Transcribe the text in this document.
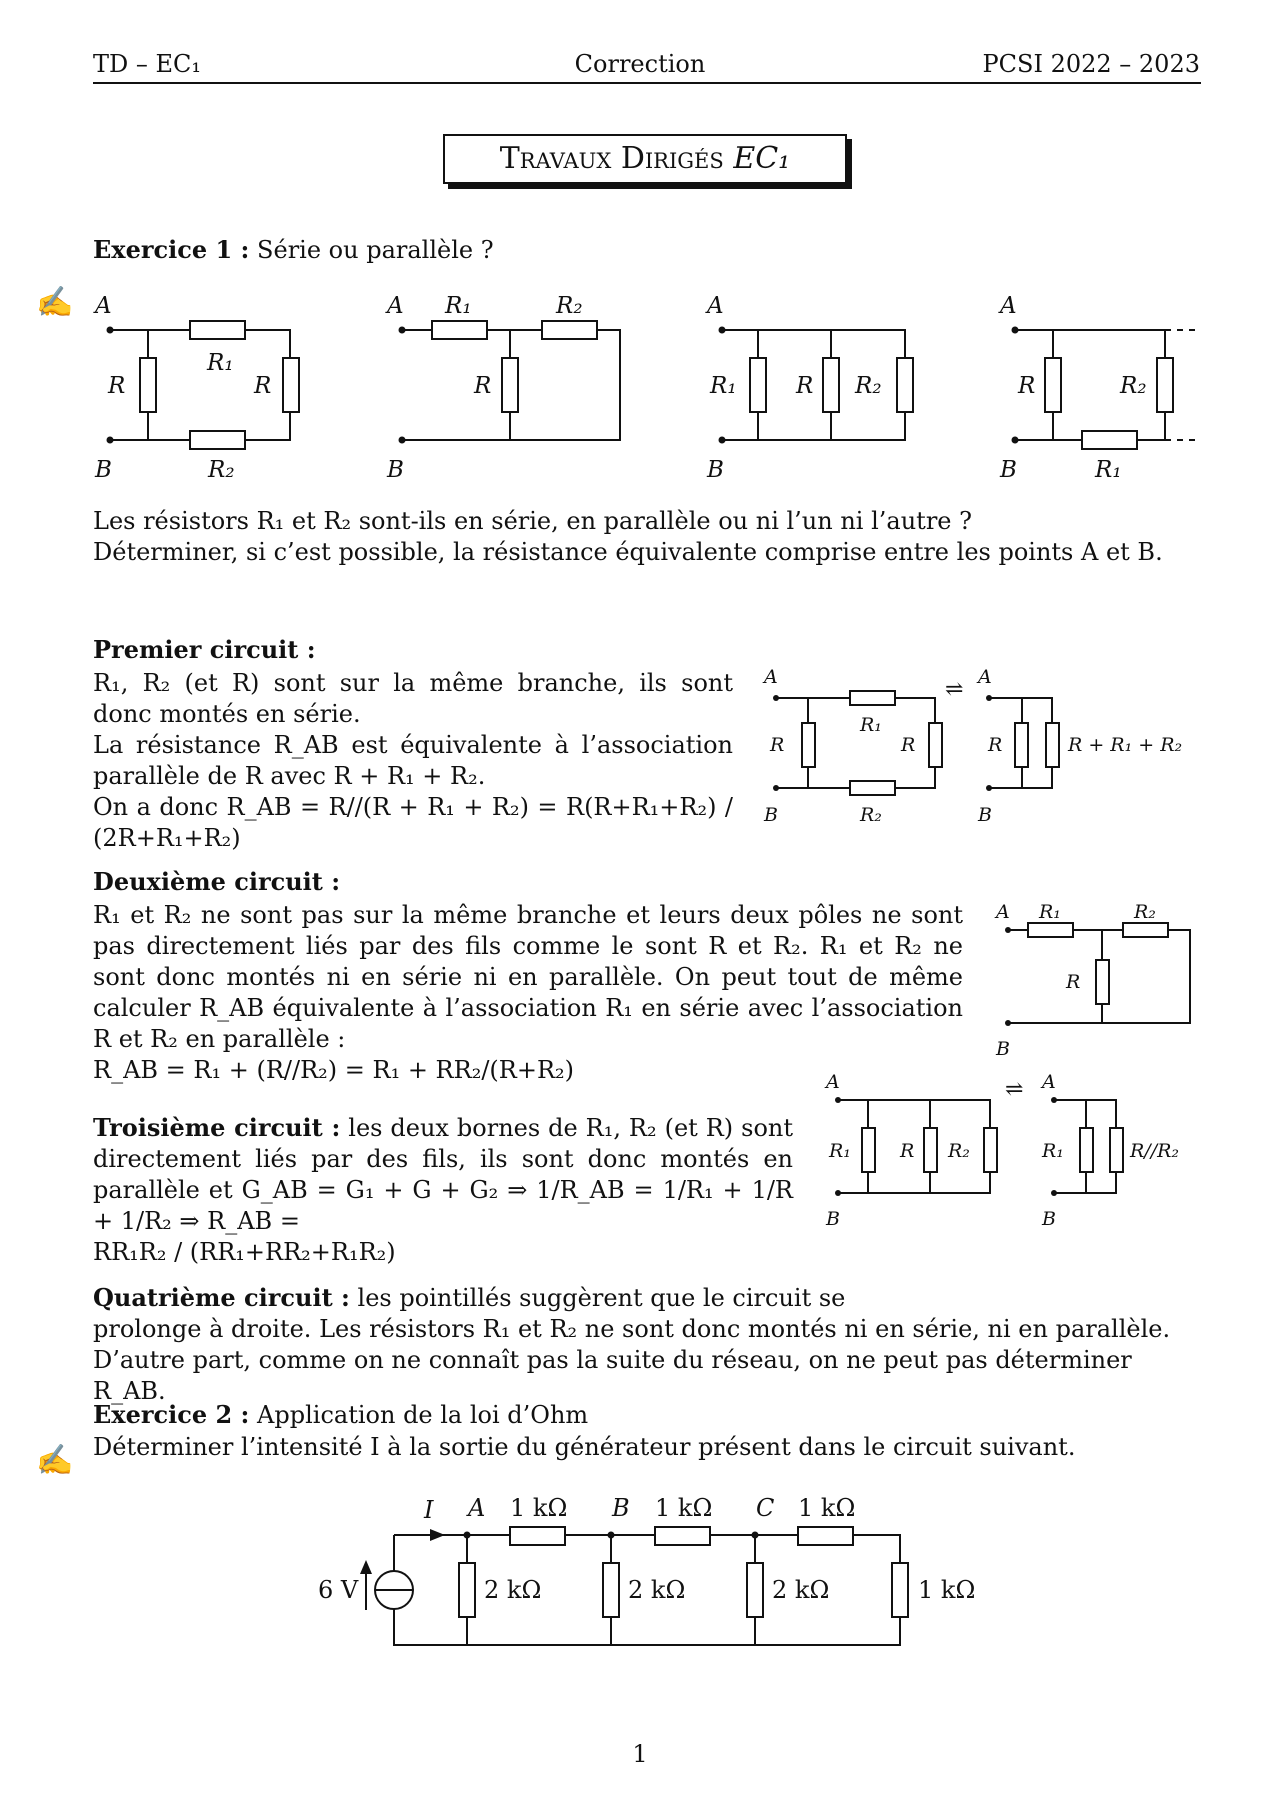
TD – EC₁	Correction	PCSI 2022 – 2023
Travaux Dirigés EC₁
Exercice 1 : Série ou parallèle ?
✍ A
B
R₁
R₂
R	R
A
B
R₁	R₂
R
A
B
R₁	R R₂
A
B
R	R₂
R₁
Les résistors R₁ et R₂ sont-ils en série, en parallèle ou ni l’un ni l’autre ?
Déterminer, si c’est possible, la résistance équivalente comprise entre les points A et B.
Premier circuit :
R₁, R₂ (et R) sont sur la même branche, ils sont donc montés en série.
La résistance R_AB est équivalente à l’association parallèle de R avec R + R₁ + R₂.
On a donc R_AB = R//(R + R₁ + R₂) = R(R+R₁+R₂) / (2R+R₁+R₂)
A
B
R	R
R₁
R₂
A
B
R	R + R₁ + R₂
⇌
Deuxième circuit :
R₁ et R₂ ne sont pas sur la même branche et leurs deux pôles ne sont pas directement liés par des fils comme le sont R et R₂. R₁ et R₂ ne sont donc montés ni en série ni en parallèle. On peut tout de même calculer R_AB équivalente à l’association R₁ en série avec l’association R et R₂ en parallèle :
R_AB = R₁ + (R//R₂) = R₁ + RR₂/(R+R₂)
A
B
R₁	R₂
R
A
B
R₁	R R₂
A
B
R₁	R//R₂
⇌
Troisième circuit : les deux bornes de R₁, R₂ (et R) sont directement liés par des fils, ils sont donc montés en parallèle et G_AB = G₁ + G + G₂ ⇒ 1/R_AB = 1/R₁ + 1/R + 1/R₂ ⇒ R_AB =
RR₁R₂ / (RR₁+RR₂+R₁R₂)
Quatrième circuit : les pointillés suggèrent que le circuit se
prolonge à droite. Les résistors R₁ et R₂ ne sont donc montés ni en série, ni en parallèle. D’autre part, comme on ne connaît pas la suite du réseau, on ne peut pas déterminer R_AB.
Exercice 2 : Application de la loi d’Ohm
✍ Déterminer l’intensité I à la sortie du générateur présent dans le circuit suivant.
I A	B	C
1 kΩ	1 kΩ	1 kΩ
2 kΩ	2 kΩ	2 kΩ	1 kΩ
6 V
1
